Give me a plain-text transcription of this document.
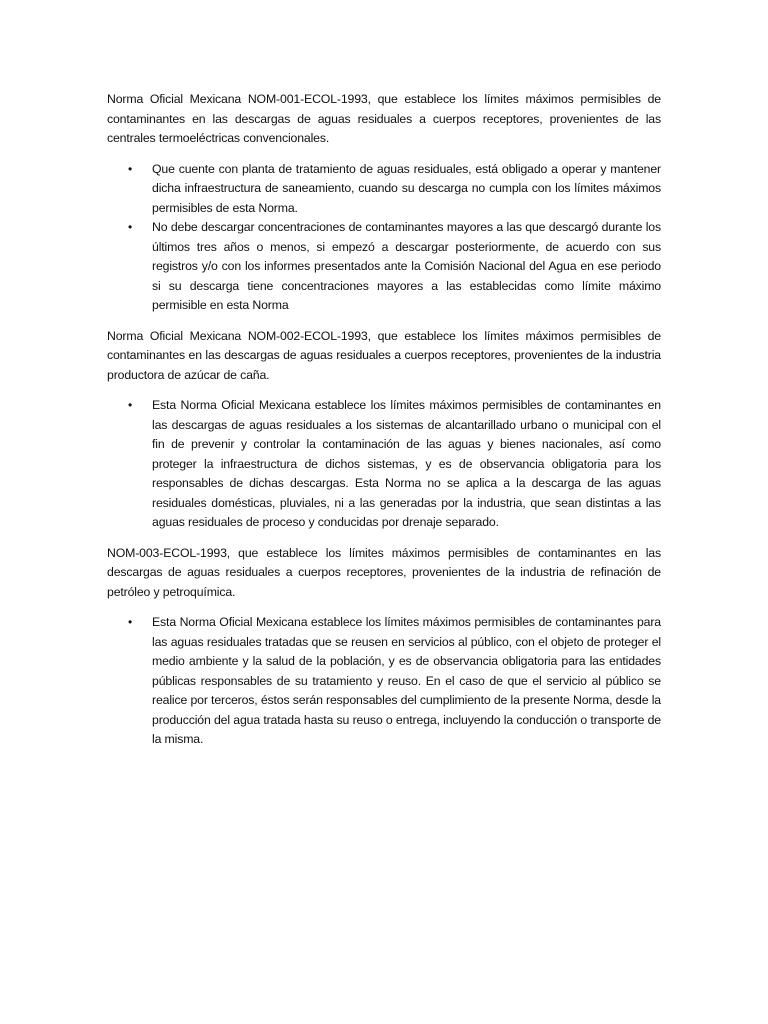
Norma Oficial Mexicana NOM-001-ECOL-1993, que establece los límites máximos permisibles de contaminantes en las descargas de aguas residuales a cuerpos receptores, provenientes de las centrales termoeléctricas convencionales.

• Que cuente con planta de tratamiento de aguas residuales, está obligado a operar y mantener dicha infraestructura de saneamiento, cuando su descarga no cumpla con los límites máximos permisibles de esta Norma.
• No debe descargar concentraciones de contaminantes mayores a las que descargó durante los últimos tres años o menos, si empezó a descargar posteriormente, de acuerdo con sus registros y/o con los informes presentados ante la Comisión Nacional del Agua en ese periodo si su descarga tiene concentraciones mayores a las establecidas como límite máximo permisible en esta Norma

Norma Oficial Mexicana NOM-002-ECOL-1993, que establece los límites máximos permisibles de contaminantes en las descargas de aguas residuales a cuerpos receptores, provenientes de la industria productora de azúcar de caña.

• Esta Norma Oficial Mexicana establece los límites máximos permisibles de contaminantes en las descargas de aguas residuales a los sistemas de alcantarillado urbano o municipal con el fin de prevenir y controlar la contaminación de las aguas y bienes nacionales, así como proteger la infraestructura de dichos sistemas, y es de observancia obligatoria para los responsables de dichas descargas. Esta Norma no se aplica a la descarga de las aguas residuales domésticas, pluviales, ni a las generadas por la industria, que sean distintas a las aguas residuales de proceso y conducidas por drenaje separado.

NOM-003-ECOL-1993, que establece los límites máximos permisibles de contaminantes en las descargas de aguas residuales a cuerpos receptores, provenientes de la industria de refinación de petróleo y petroquímica.

• Esta Norma Oficial Mexicana establece los límites máximos permisibles de contaminantes para las aguas residuales tratadas que se reusen en servicios al público, con el objeto de proteger el medio ambiente y la salud de la población, y es de observancia obligatoria para las entidades públicas responsables de su tratamiento y reuso. En el caso de que el servicio al público se realice por terceros, éstos serán responsables del cumplimiento de la presente Norma, desde la producción del agua tratada hasta su reuso o entrega, incluyendo la conducción o transporte de la misma.
